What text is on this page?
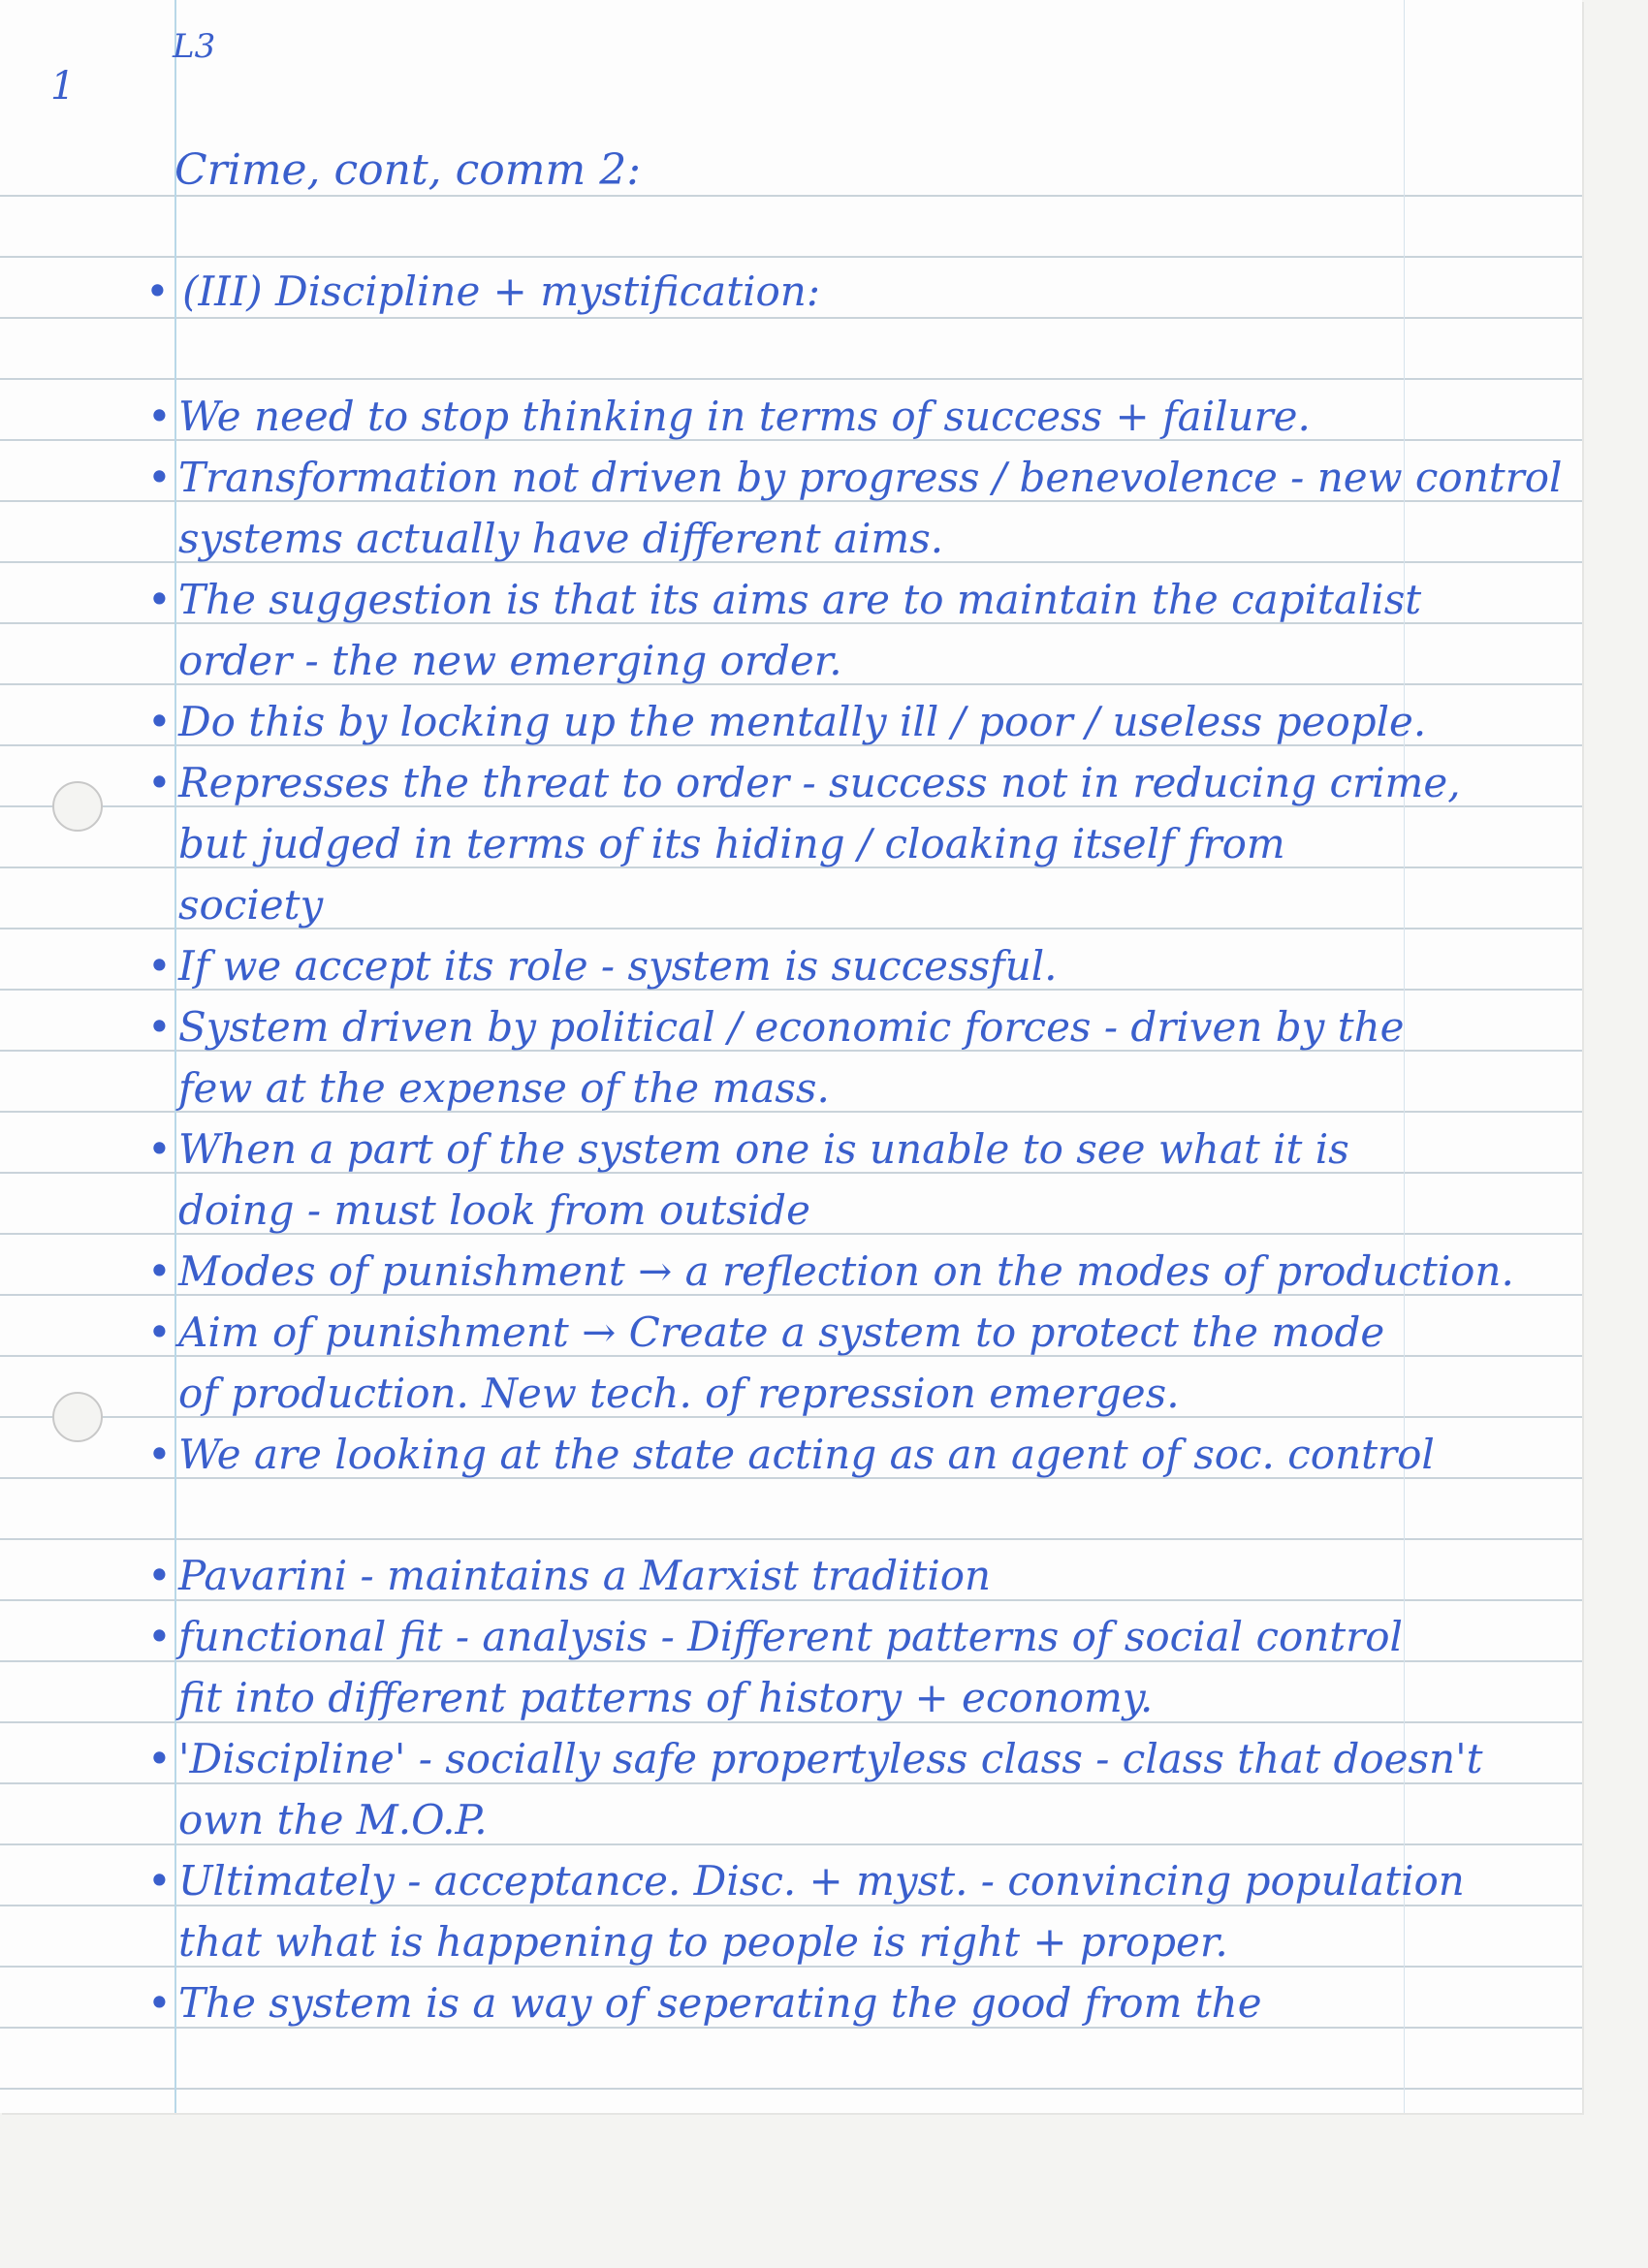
1

L3

Crime, cont, comm 2:

• (III) Discipline + mystification:

• We need to stop thinking in terms of success + failure.
• Transformation not driven by progress / benevolence - new control
systems actually have different aims.
• The suggestion is that its aims are to maintain the capitalist
order - the new emerging order.
• Do this by locking up the mentally ill / poor / useless people.
• Represses the threat to order - success not in reducing crime,
but judged in terms of its hiding / cloaking itself from
society
• If we accept its role - system is successful.
• System driven by political / economic forces - driven by the
few at the expense of the mass.
• When a part of the system one is unable to see what it is
doing - must look from outside
• Modes of punishment → a reflection on the modes of production.
• Aim of punishment → Create a system to protect the mode
of production. New tech. of repression emerges.
• We are looking at the state acting as an agent of soc. control
• Pavarini - maintains a Marxist tradition
• functional fit - analysis - Different patterns of social control
fit into different patterns of history + economy.
• 'Discipline' - socially safe propertyless class - class that doesn't
own the M.O.P.
• Ultimately - acceptance. Disc. + myst. - convincing population
that what is happening to people is right + proper.
• The system is a way of seperating the good from the
